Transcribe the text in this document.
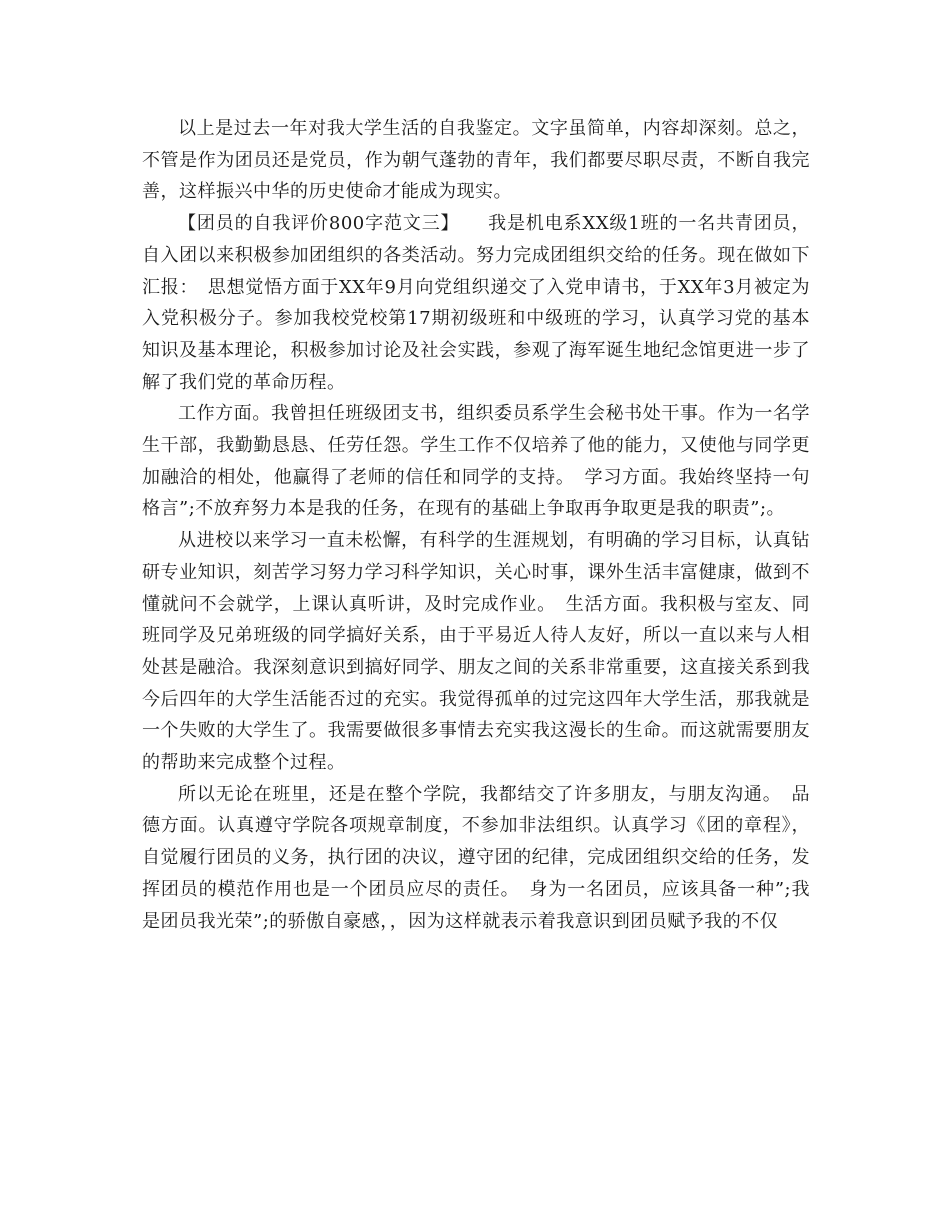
以上是过去一年对我大学生活的自我鉴定。文字虽简单，内容却深刻。总之，不管是作为团员还是党员，作为朝气蓬勃的青年，我们都要尽职尽责，不断自我完善，这样振兴中华的历史使命才能成为现实。

【团员的自我评价800字范文三】　　我是机电系XX级1班的一名共青团员，自入团以来积极参加团组织的各类活动。努力完成团组织交给的任务。现在做如下汇报：　思想觉悟方面于XX年9月向党组织递交了入党申请书，于XX年3月被定为入党积极分子。参加我校党校第17期初级班和中级班的学习，认真学习党的基本知识及基本理论，积极参加讨论及社会实践，参观了海军诞生地纪念馆更进一步了解了我们党的革命历程。

工作方面。我曾担任班级团支书，组织委员系学生会秘书处干事。作为一名学生干部，我勤勤恳恳、任劳任怨。学生工作不仅培养了他的能力，又使他与同学更加融洽的相处，他赢得了老师的信任和同学的支持。　学习方面。我始终坚持一句格言”;不放弃努力本是我的任务，在现有的基础上争取再争取更是我的职责”;。

从进校以来学习一直未松懈，有科学的生涯规划，有明确的学习目标，认真钻研专业知识，刻苦学习努力学习科学知识，关心时事，课外生活丰富健康，做到不懂就问不会就学，上课认真听讲，及时完成作业。　生活方面。我积极与室友、同班同学及兄弟班级的同学搞好关系，由于平易近人待人友好，所以一直以来与人相处甚是融洽。我深刻意识到搞好同学、朋友之间的关系非常重要，这直接关系到我今后四年的大学生活能否过的充实。我觉得孤单的过完这四年大学生活，那我就是一个失败的大学生了。我需要做很多事情去充实我这漫长的生命。而这就需要朋友的帮助来完成整个过程。

所以无论在班里，还是在整个学院，我都结交了许多朋友，与朋友沟通。　品德方面。认真遵守学院各项规章制度，不参加非法组织。认真学习《团的章程》，自觉履行团员的义务，执行团的决议，遵守团的纪律，完成团组织交给的任务，发挥团员的模范作用也是一个团员应尽的责任。　身为一名团员，应该具备一种”;我是团员我光荣”;的骄傲自豪感，，因为这样就表示着我意识到团员赋予我的不仅
